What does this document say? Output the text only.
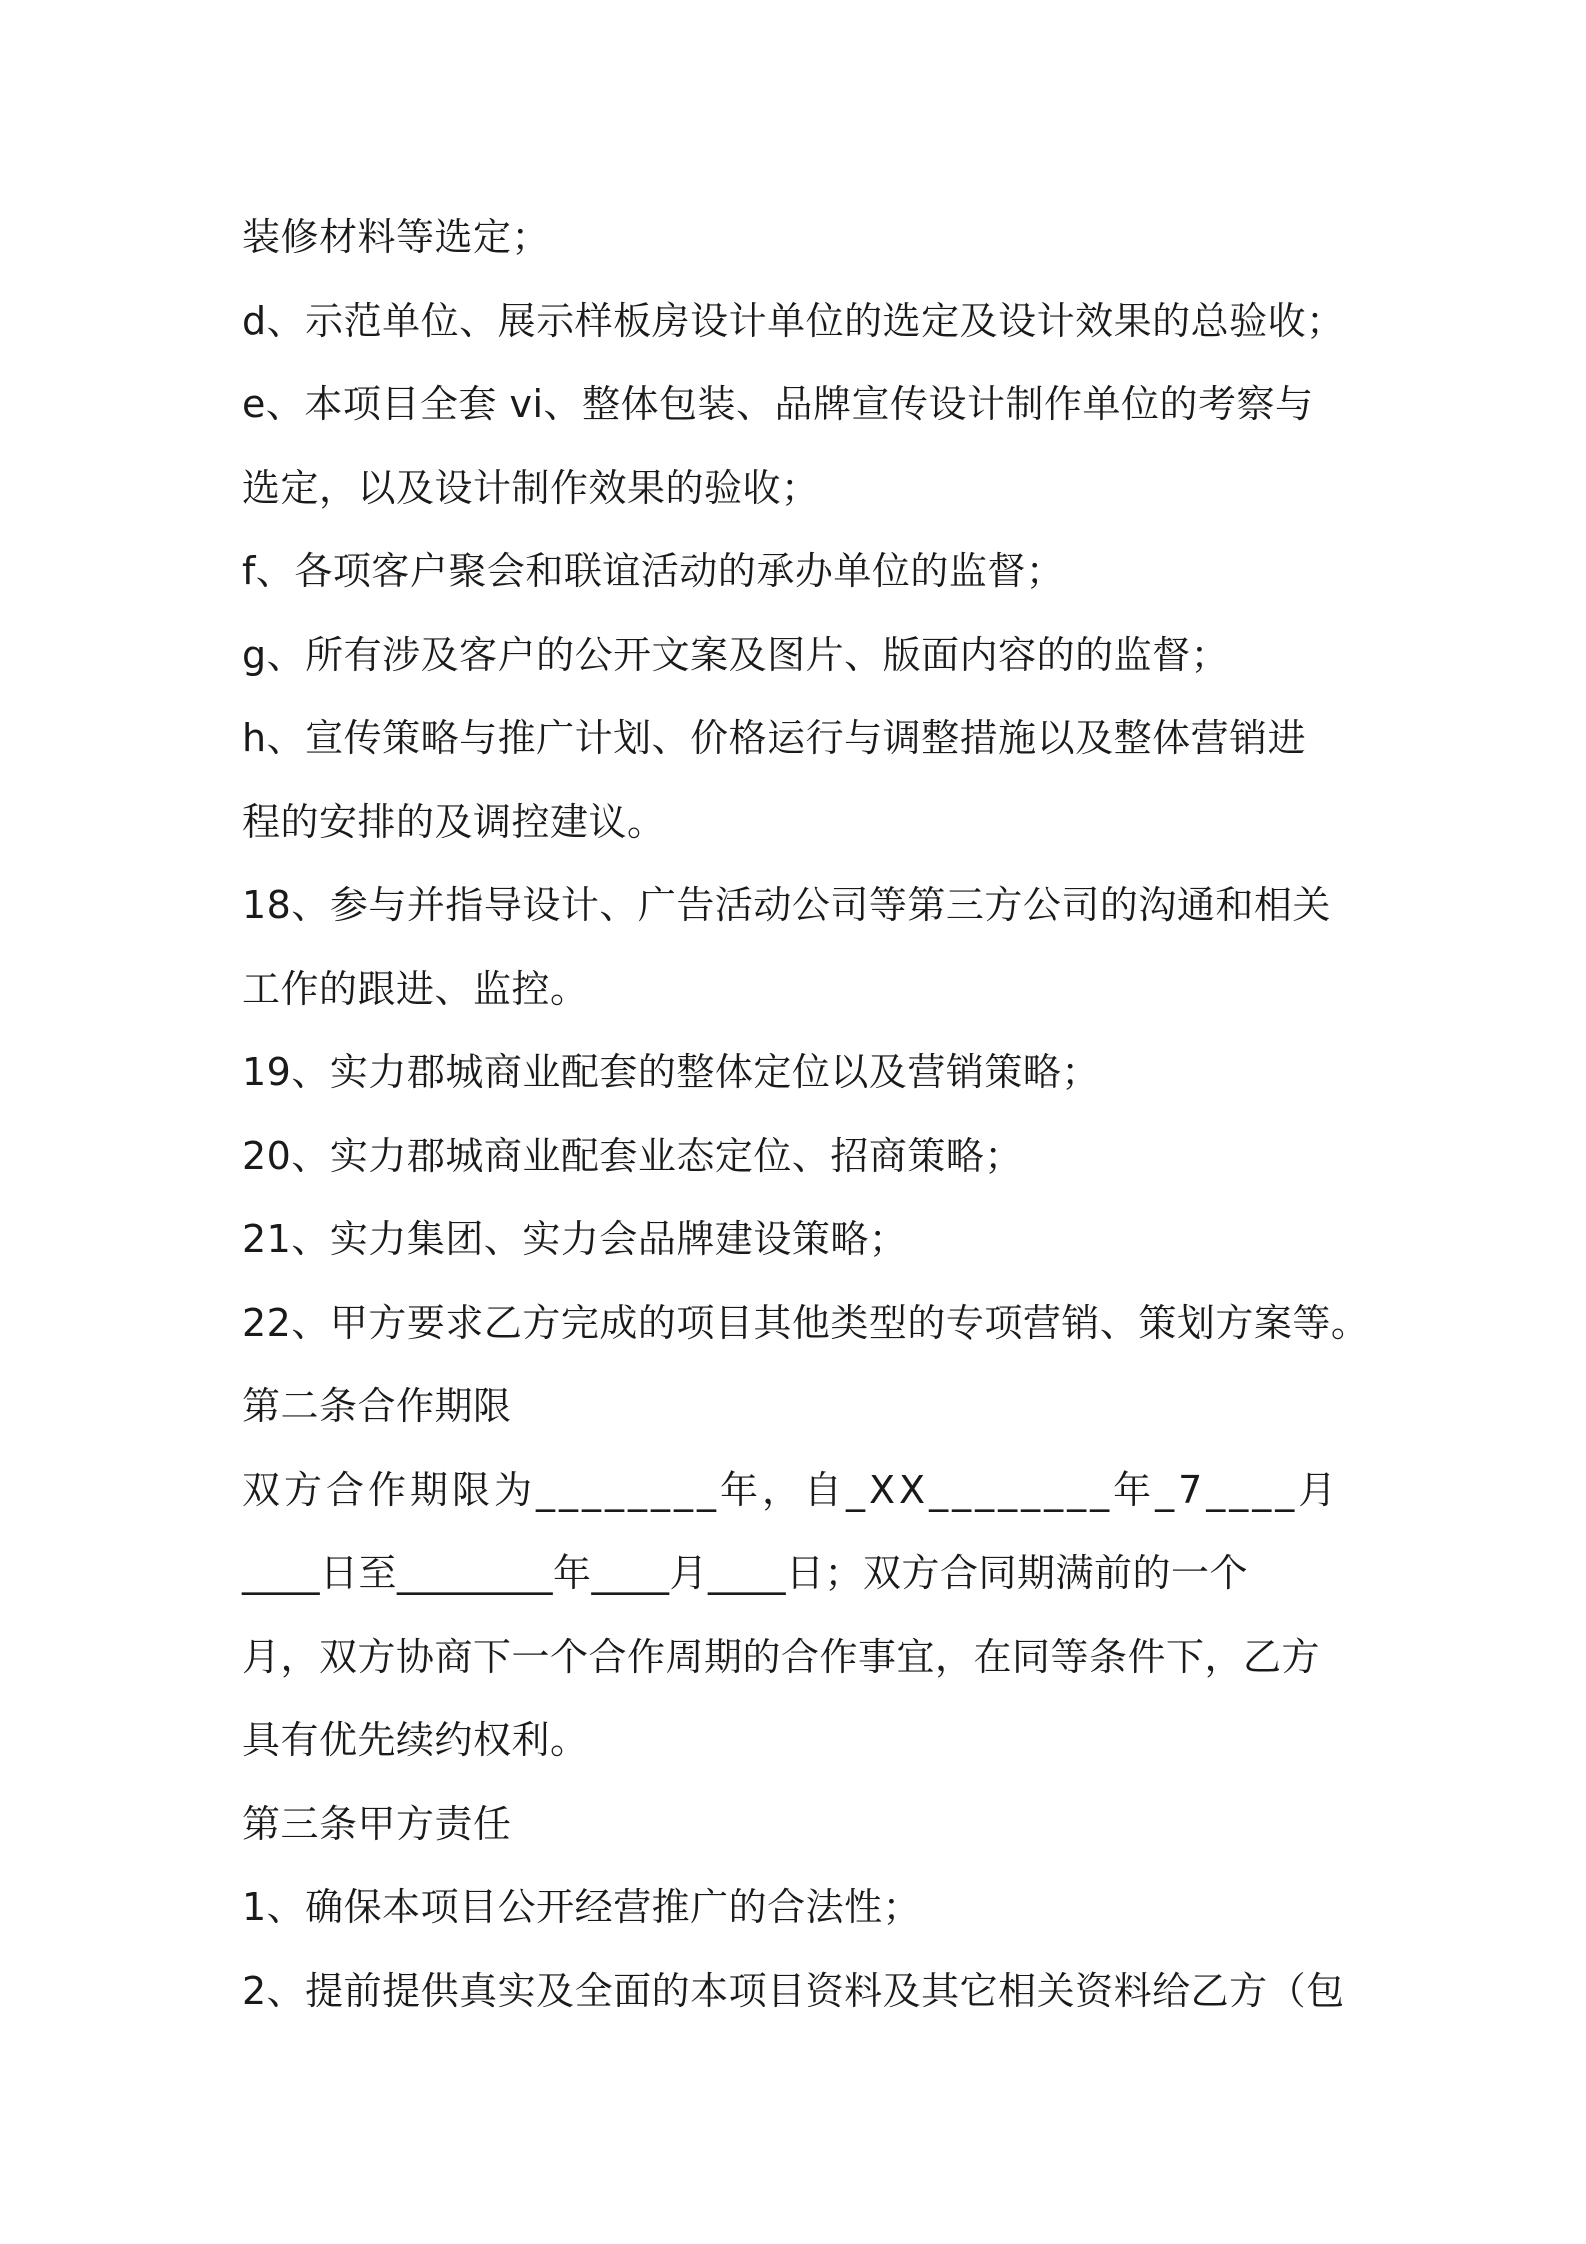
装修材料等选定；
d、示范单位、展示样板房设计单位的选定及设计效果的总验收；
e、本项目全套 vi、整体包装、品牌宣传设计制作单位的考察与
选定，以及设计制作效果的验收；
f、各项客户聚会和联谊活动的承办单位的监督；
g、所有涉及客户的公开文案及图片、版面内容的的监督；
h、宣传策略与推广计划、价格运行与调整措施以及整体营销进
程的安排的及调控建议。
18、参与并指导设计、广告活动公司等第三方公司的沟通和相关
工作的跟进、监控。
19、实力郡城商业配套的整体定位以及营销策略；
20、实力郡城商业配套业态定位、招商策略；
21、实力集团、实力会品牌建设策略；
22、甲方要求乙方完成的项目其他类型的专项营销、策划方案等。
第二条合作期限
双方合作期限为________年，自_XX________年_7____月
____日至________年____月____日；双方合同期满前的一个
月，双方协商下一个合作周期的合作事宜，在同等条件下，乙方
具有优先续约权利。
第三条甲方责任
1、确保本项目公开经营推广的合法性；
2、提前提供真实及全面的本项目资料及其它相关资料给乙方（包
